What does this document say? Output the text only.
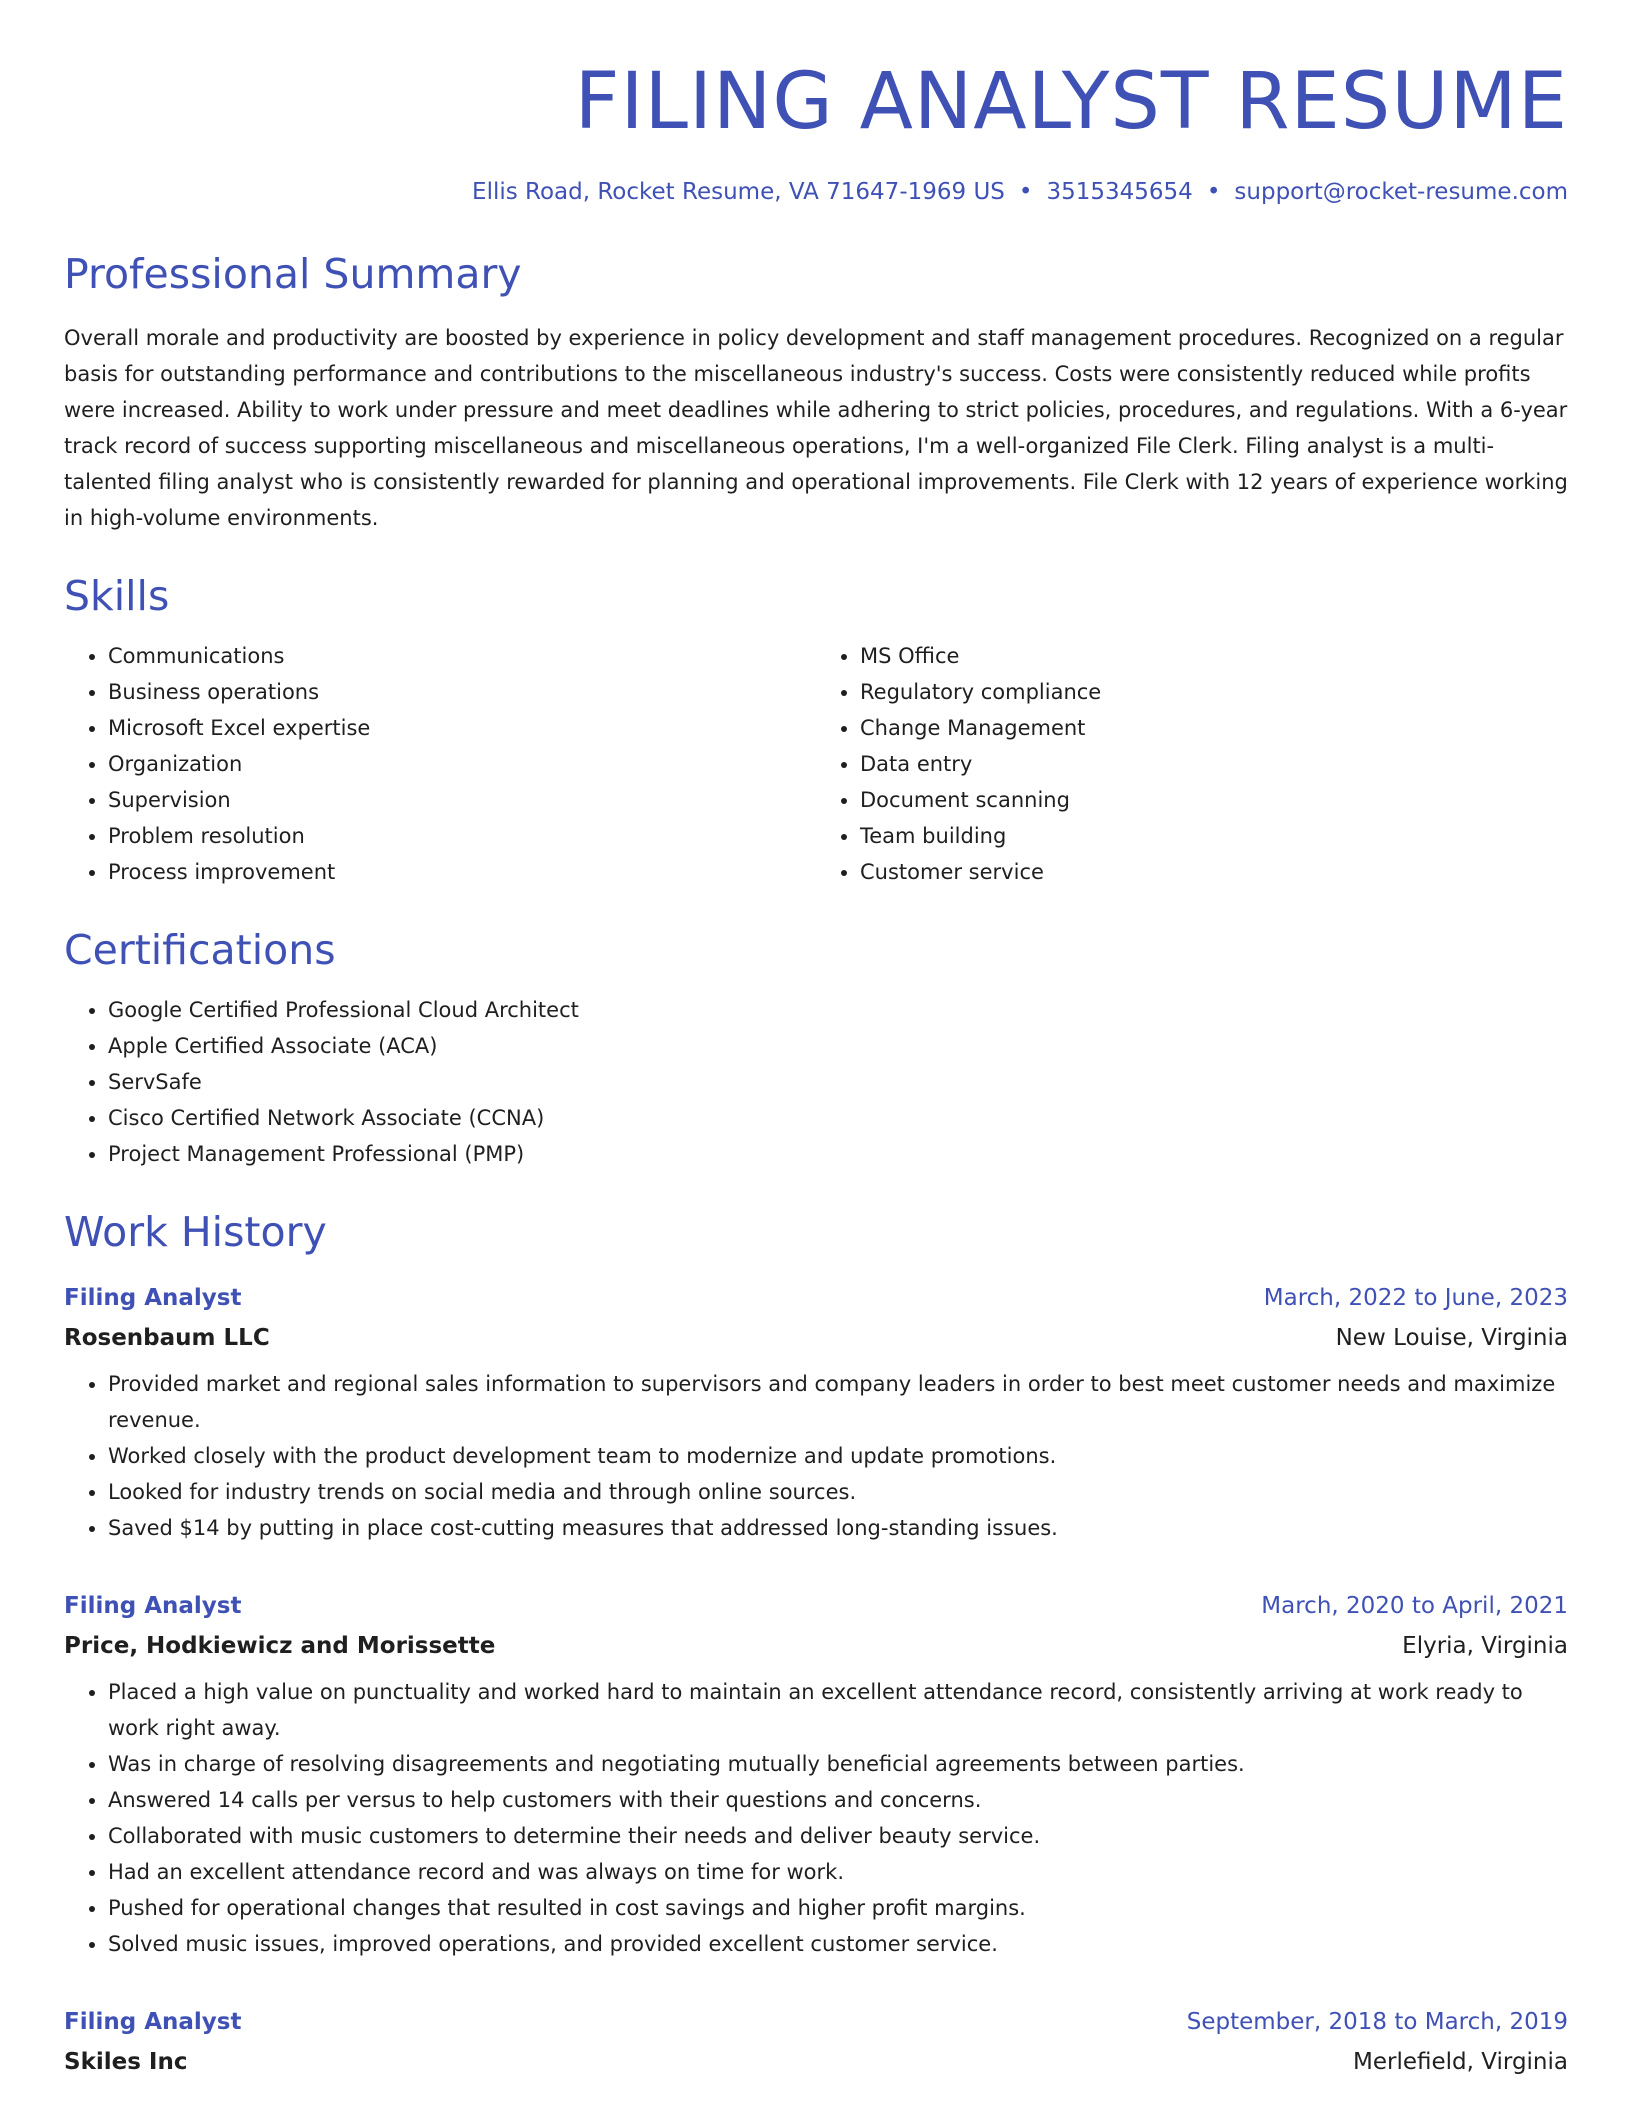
FILING ANALYST RESUME
Ellis Road, Rocket Resume, VA 71647-1969 US • 3515345654 • support@rocket-resume.com
Professional Summary

Overall morale and productivity are boosted by experience in policy development and staff management procedures. Recognized on a regular basis for outstanding performance and contributions to the miscellaneous industry's success. Costs were consistently reduced while profits were increased. Ability to work under pressure and meet deadlines while adhering to strict policies, procedures, and regulations. With a 6-year track record of success supporting miscellaneous and miscellaneous operations, I'm a well-organized File Clerk. Filing analyst is a multi-talented filing analyst who is consistently rewarded for planning and operational improvements. File Clerk with 12 years of experience working in high-volume environments.

Skills
• Communications
• Business operations
• Microsoft Excel expertise
• Organization
• Supervision
• Problem resolution
• Process improvement
• MS Office
• Regulatory compliance
• Change Management
• Data entry
• Document scanning
• Team building
• Customer service
Certifications
• Google Certified Professional Cloud Architect
• Apple Certified Associate (ACA)
• ServSafe
• Cisco Certified Network Associate (CCNA)
• Project Management Professional (PMP)
Work History
Filing Analyst	March, 2022 to June, 2023
Rosenbaum LLC	New Louise, Virginia
• Provided market and regional sales information to supervisors and company leaders in order to best meet customer needs and maximize revenue.
• Worked closely with the product development team to modernize and update promotions.
• Looked for industry trends on social media and through online sources.
• Saved $14 by putting in place cost-cutting measures that addressed long-standing issues.
Filing Analyst	March, 2020 to April, 2021
Price, Hodkiewicz and Morissette	Elyria, Virginia
• Placed a high value on punctuality and worked hard to maintain an excellent attendance record, consistently arriving at work ready to work right away.
• Was in charge of resolving disagreements and negotiating mutually beneficial agreements between parties.
• Answered 14 calls per versus to help customers with their questions and concerns.
• Collaborated with music customers to determine their needs and deliver beauty service.
• Had an excellent attendance record and was always on time for work.
• Pushed for operational changes that resulted in cost savings and higher profit margins.
• Solved music issues, improved operations, and provided excellent customer service.
Filing Analyst	September, 2018 to March, 2019
Skiles Inc	Merlefield, Virginia
